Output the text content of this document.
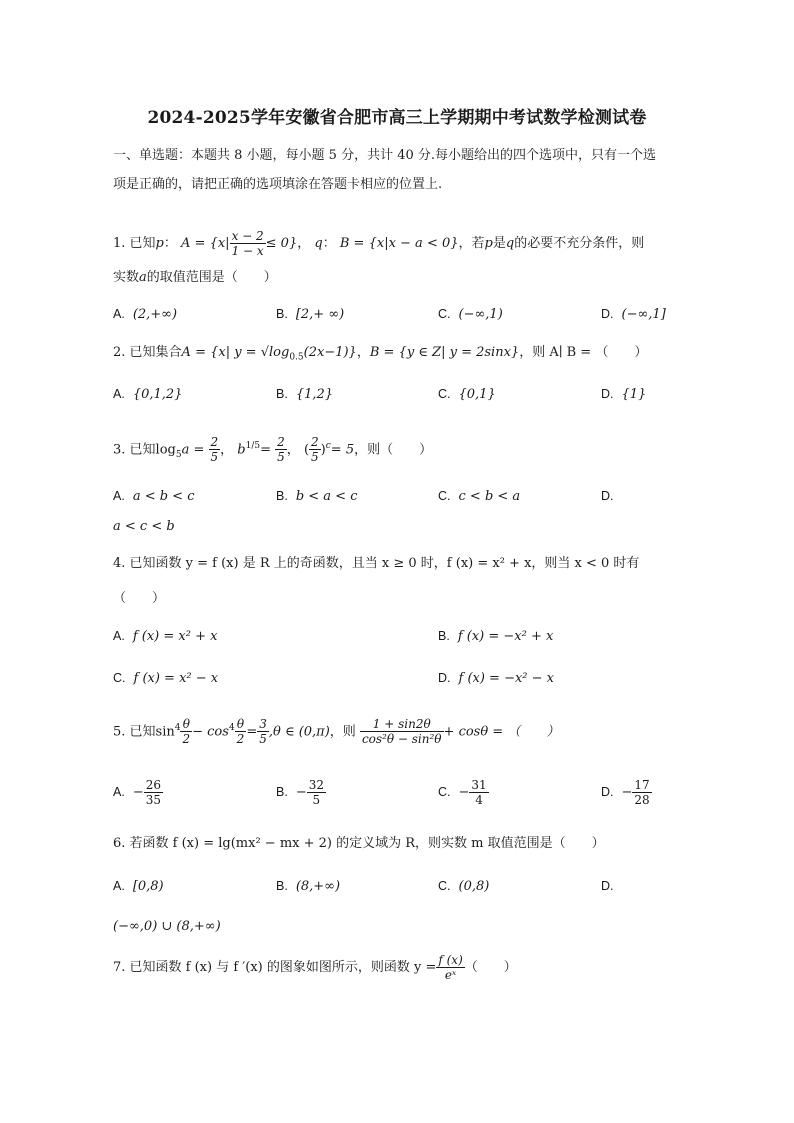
2024-2025学年安徽省合肥市高三上学期期中考试数学检测试卷
一、单选题：本题共 8 小题，每小题 5 分，共计 40 分.每小题给出的四个选项中，只有一个选
项是正确的，请把正确的选项填涂在答题卡相应的位置上.
1. 已知p： $A = \{x| \frac{x - 2}{1 - x} \le 0\}$， q： B = {x|x − a < 0}，若p是q的必要不充分条件，则
实数a的取值范围是（　　）
A. (2,+∞)	B. [2,+ ∞)	C. (−∞,1)	D. (−∞,1]
2. 已知集合A = {x| $y = √\log_{0.5}(2x-1)$}，B = {y ∈ Z| y = 2sinx}，则 A∣ B = （　　）
A. {0,1,2}	B. {1,2}	C. {0,1}	D. {1}
3. 已知$\log_5a = \frac{2}{5}$ ， $b^{1/5}= \frac{2}{5}$ ， ( $\frac{2}{5} )^c= 5$，则（　　）
A. a < b < c	B. b < a < c	C. c < b < a	D.
a < c < b
4. 已知函数 y = f (x) 是 R 上的奇函数，且当 x ≥ 0 时，f (x) = x² + x，则当 x < 0 时有
（　　）
A. f (x) = x² + x	B. f (x) = −x² + x
C. f (x) = x² − x	D. f (x) = −x² − x
5. 已知$\sin^4 \frac{\theta}{2} - \cos^4 \frac{\theta}{2} = \frac{3}{5} ,\theta$ ∈ (0,π)，则 $\frac{1 + \sin 2\theta}{\text{cos²θ − sin²θ}} + \cos\theta$ = （　　）
A. − $\frac{26}{35}$	B. − $\frac{32}{5}$	C. − $\frac{31}{4}$	D. − $\frac{17}{28}$
6. 若函数 f (x) = lg(mx² − mx + 2) 的定义域为 R，则实数 m 取值范围是（　　）
A. [0,8)	B. (8,+∞)	C. (0,8)	D.
(−∞,0) ∪ (8,+∞)
7. 已知函数 f (x) 与 f ′(x) 的图象如图所示，则函数 $y = \frac{f (x)}{\text{eˣ}}$ （　　）
